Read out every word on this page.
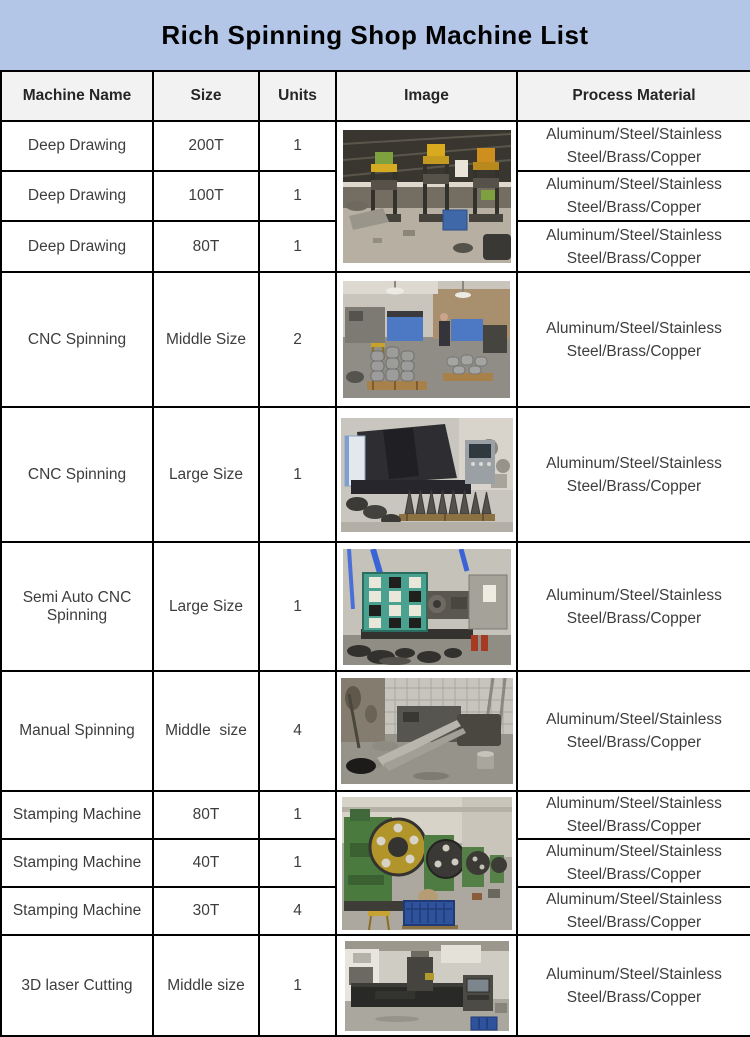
Rich Spinning Shop Machine List
Machine Name	Size	Units	Image	Process Material
Deep Drawing	200T	1		Aluminum/Steel/Stainless Steel/Brass/Copper
Deep Drawing	100T	1		Aluminum/Steel/Stainless Steel/Brass/Copper
Deep Drawing	80T	1		Aluminum/Steel/Stainless Steel/Brass/Copper
CNC Spinning	Middle Size	2		Aluminum/Steel/Stainless Steel/Brass/Copper
CNC Spinning	Large Size	1		Aluminum/Steel/Stainless Steel/Brass/Copper
Semi Auto CNC Spinning	Large Size	1		Aluminum/Steel/Stainless Steel/Brass/Copper
Manual Spinning	Middle  size	4		Aluminum/Steel/Stainless Steel/Brass/Copper
Stamping Machine	80T	1		Aluminum/Steel/Stainless Steel/Brass/Copper
Stamping Machine	40T	1		Aluminum/Steel/Stainless Steel/Brass/Copper
Stamping Machine	30T	4		Aluminum/Steel/Stainless Steel/Brass/Copper
3D laser Cutting	Middle size	1		Aluminum/Steel/Stainless Steel/Brass/Copper
